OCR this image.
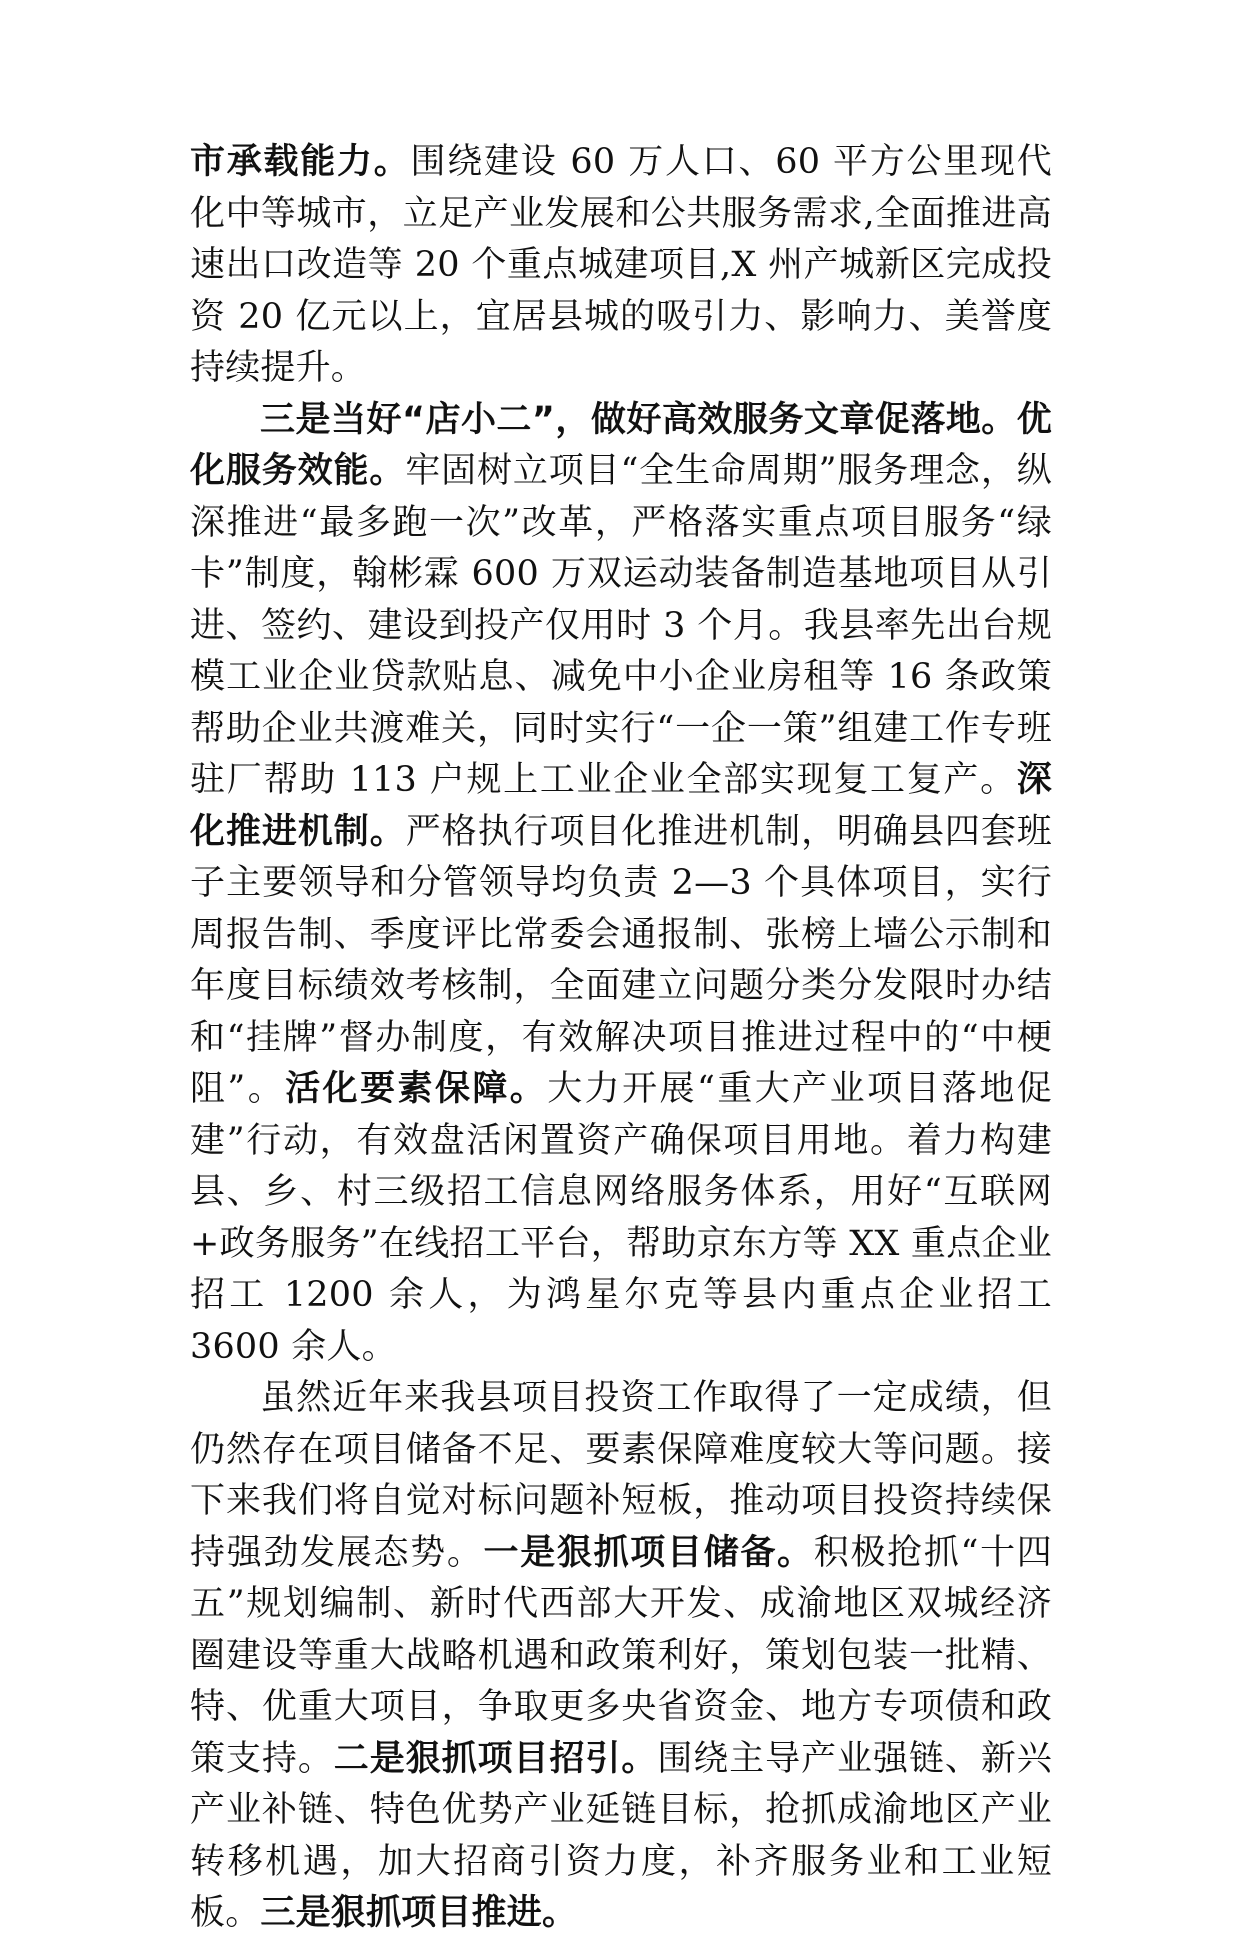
市承载能力。围绕建设 60 万人口、60 平方公里现代化中等城市，立足产业发展和公共服务需求,全面推进高速出口改造等 20 个重点城建项目,X 州产城新区完成投资 20 亿元以上，宜居县城的吸引力、影响力、美誉度持续提升。

三是当好“店小二”，做好高效服务文章促落地。优化服务效能。牢固树立项目“全生命周期”服务理念，纵深推进“最多跑一次”改革，严格落实重点项目服务“绿卡”制度，翰彬霖 600 万双运动装备制造基地项目从引进、签约、建设到投产仅用时 3 个月。我县率先出台规模工业企业贷款贴息、减免中小企业房租等 16 条政策帮助企业共渡难关，同时实行“一企一策”组建工作专班驻厂帮助 113 户规上工业企业全部实现复工复产。深化推进机制。严格执行项目化推进机制，明确县四套班子主要领导和分管领导均负责 2—3 个具体项目，实行周报告制、季度评比常委会通报制、张榜上墙公示制和年度目标绩效考核制，全面建立问题分类分发限时办结和“挂牌”督办制度，有效解决项目推进过程中的“中梗阻”。活化要素保障。大力开展“重大产业项目落地促建”行动，有效盘活闲置资产确保项目用地。着力构建县、乡、村三级招工信息网络服务体系，用好“互联网+政务服务”在线招工平台，帮助京东方等 XX 重点企业招工 1200 余人，为鸿星尔克等县内重点企业招工 3600 余人。

虽然近年来我县项目投资工作取得了一定成绩，但仍然存在项目储备不足、要素保障难度较大等问题。接下来我们将自觉对标问题补短板，推动项目投资持续保持强劲发展态势。一是狠抓项目储备。积极抢抓“十四五”规划编制、新时代西部大开发、成渝地区双城经济圈建设等重大战略机遇和政策利好，策划包装一批精、特、优重大项目，争取更多央省资金、地方专项债和政策支持。二是狠抓项目招引。围绕主导产业强链、新兴产业补链、特色优势产业延链目标，抢抓成渝地区产业转移机遇，加大招商引资力度，补齐服务业和工业短板。三是狠抓项目推进。
